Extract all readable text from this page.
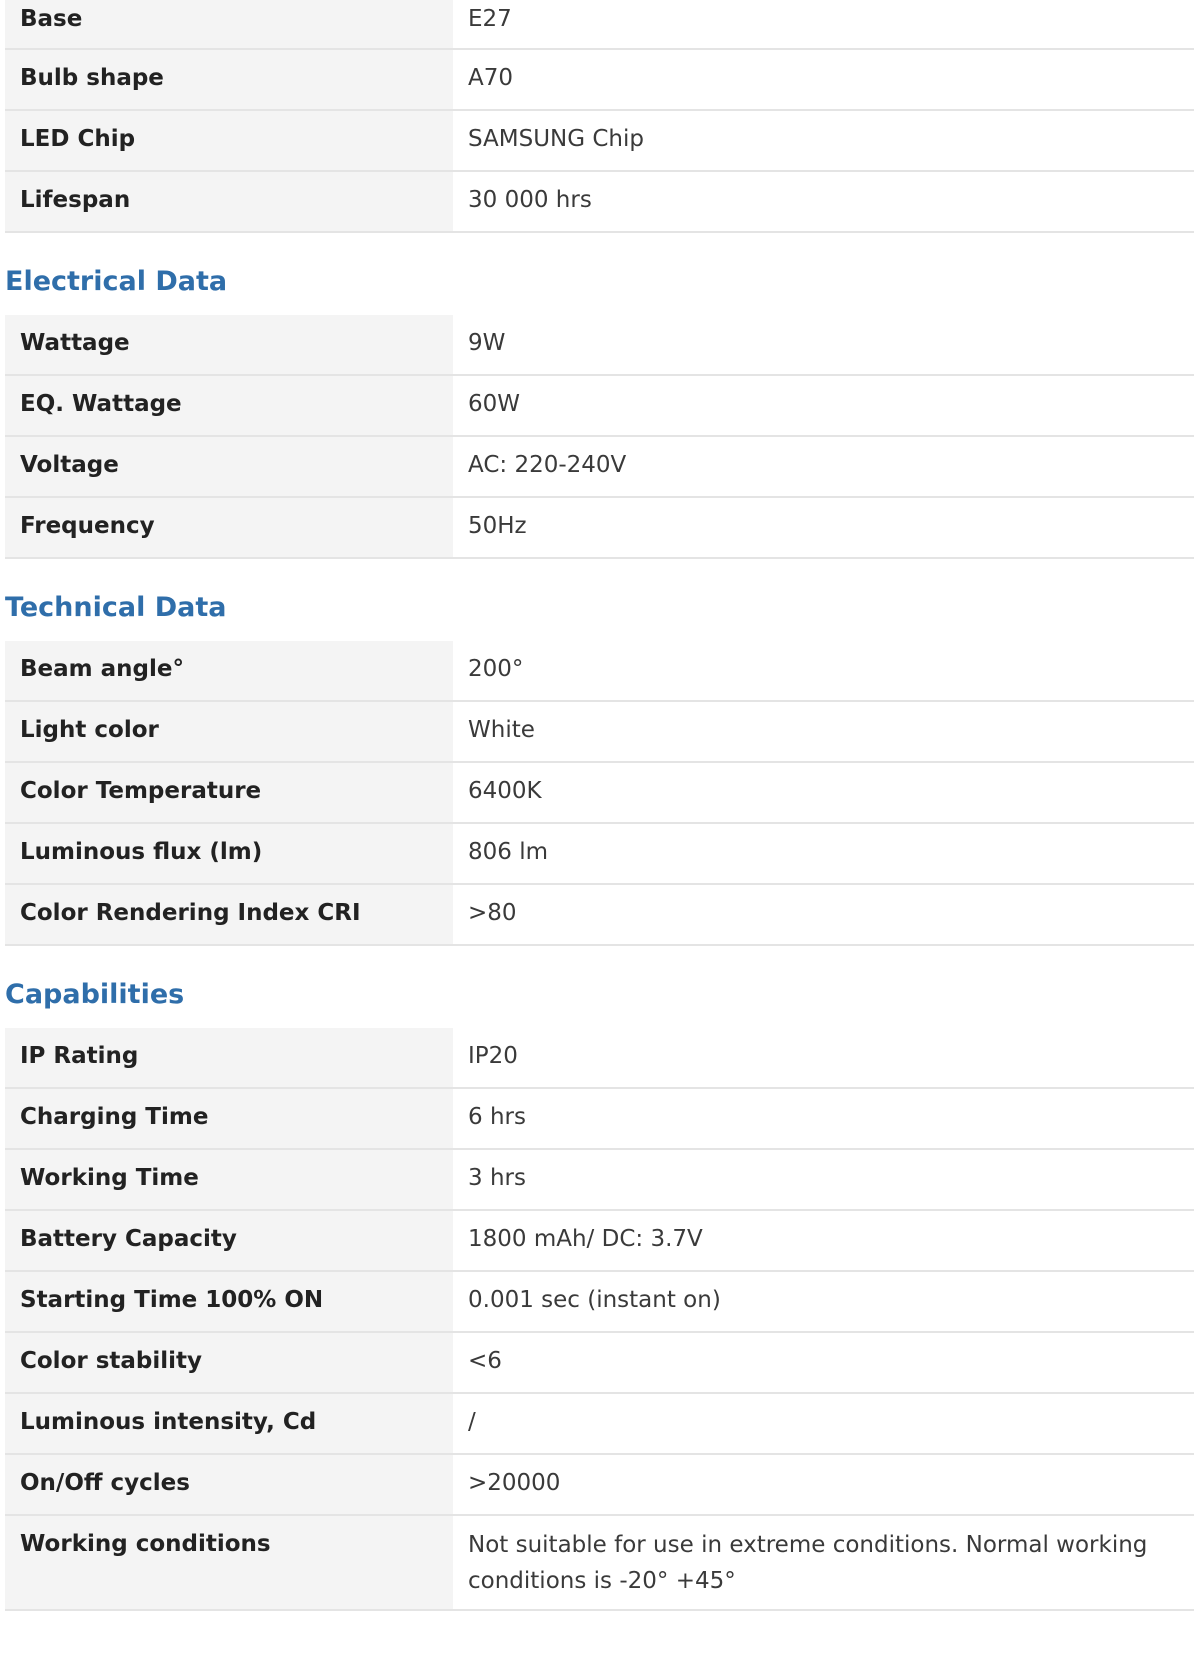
Base	E27
Bulb shape	A70
LED Chip	SAMSUNG Chip
Lifespan	30 000 hrs
Electrical Data
Wattage	9W
EQ. Wattage	60W
Voltage	AC: 220-240V
Frequency	50Hz
Technical Data
Beam angle°	200°
Light color	White
Color Temperature	6400K
Luminous flux (lm)	806 lm
Color Rendering Index CRI	>80
Capabilities
IP Rating	IP20
Charging Time	6 hrs
Working Time	3 hrs
Battery Capacity	1800 mAh/ DC: 3.7V
Starting Time 100% ON	0.001 sec (instant on)
Color stability	<6
Luminous intensity, Cd	/
On/Off cycles	>20000
Working conditions	Not suitable for use in extreme conditions. Normal working conditions is -20° +45°
